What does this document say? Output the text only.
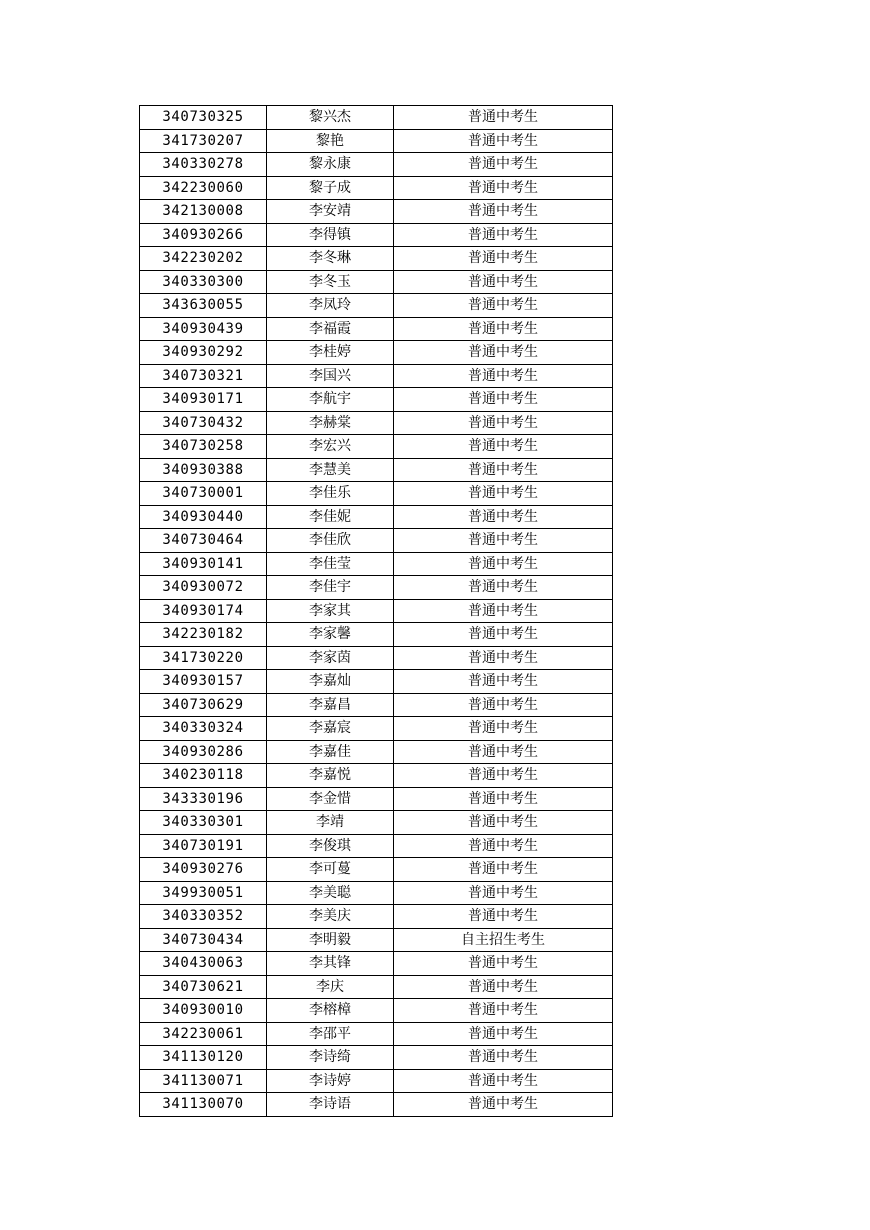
340730325	黎兴杰	普通中考生
341730207	黎艳	普通中考生
340330278	黎永康	普通中考生
342230060	黎子成	普通中考生
342130008	李安靖	普通中考生
340930266	李得镇	普通中考生
342230202	李冬琳	普通中考生
340330300	李冬玉	普通中考生
343630055	李凤玲	普通中考生
340930439	李福霞	普通中考生
340930292	李桂婷	普通中考生
340730321	李国兴	普通中考生
340930171	李航宇	普通中考生
340730432	李赫棠	普通中考生
340730258	李宏兴	普通中考生
340930388	李慧美	普通中考生
340730001	李佳乐	普通中考生
340930440	李佳妮	普通中考生
340730464	李佳欣	普通中考生
340930141	李佳莹	普通中考生
340930072	李佳宇	普通中考生
340930174	李家其	普通中考生
342230182	李家馨	普通中考生
341730220	李家茵	普通中考生
340930157	李嘉灿	普通中考生
340730629	李嘉昌	普通中考生
340330324	李嘉宸	普通中考生
340930286	李嘉佳	普通中考生
340230118	李嘉悦	普通中考生
343330196	李金惜	普通中考生
340330301	李靖	普通中考生
340730191	李俊琪	普通中考生
340930276	李可蔓	普通中考生
349930051	李美聪	普通中考生
340330352	李美庆	普通中考生
340730434	李明毅	自主招生考生
340430063	李其锋	普通中考生
340730621	李庆	普通中考生
340930010	李榕樟	普通中考生
342230061	李邵平	普通中考生
341130120	李诗绮	普通中考生
341130071	李诗婷	普通中考生
341130070	李诗语	普通中考生
